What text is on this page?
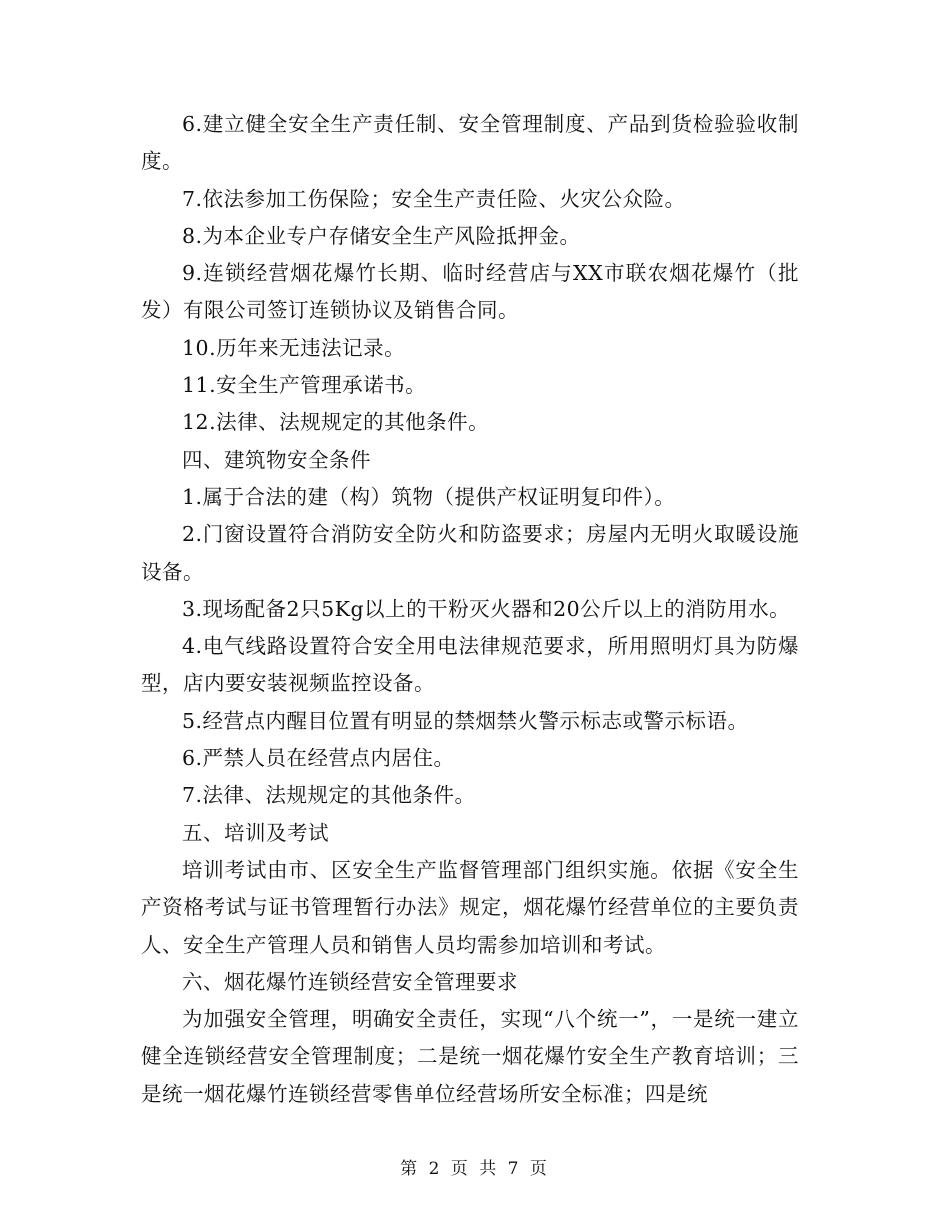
6.建立健全安全生产责任制、安全管理制度、产品到货检验验收制度。

7.依法参加工伤保险；安全生产责任险、火灾公众险。

8.为本企业专户存储安全生产风险抵押金。

9.连锁经营烟花爆竹长期、临时经营店与XX市联农烟花爆竹（批发）有限公司签订连锁协议及销售合同。

10.历年来无违法记录。

11.安全生产管理承诺书。

12.法律、法规规定的其他条件。

四、建筑物安全条件

1.属于合法的建（构）筑物（提供产权证明复印件）。

2.门窗设置符合消防安全防火和防盗要求；房屋内无明火取暖设施设备。

3.现场配备2只5Kg以上的干粉灭火器和20公斤以上的消防用水。

4.电气线路设置符合安全用电法律规范要求，所用照明灯具为防爆型，店内要安装视频监控设备。

5.经营点内醒目位置有明显的禁烟禁火警示标志或警示标语。

6.严禁人员在经营点内居住。

7.法律、法规规定的其他条件。

五、培训及考试

培训考试由市、区安全生产监督管理部门组织实施。依据《安全生产资格考试与证书管理暂行办法》规定，烟花爆竹经营单位的主要负责人、安全生产管理人员和销售人员均需参加培训和考试。

六、烟花爆竹连锁经营安全管理要求

为加强安全管理，明确安全责任，实现“八个统一”，一是统一建立健全连锁经营安全管理制度；二是统一烟花爆竹安全生产教育培训；三是统一烟花爆竹连锁经营零售单位经营场所安全标准；四是统

第 2 页 共 7 页
